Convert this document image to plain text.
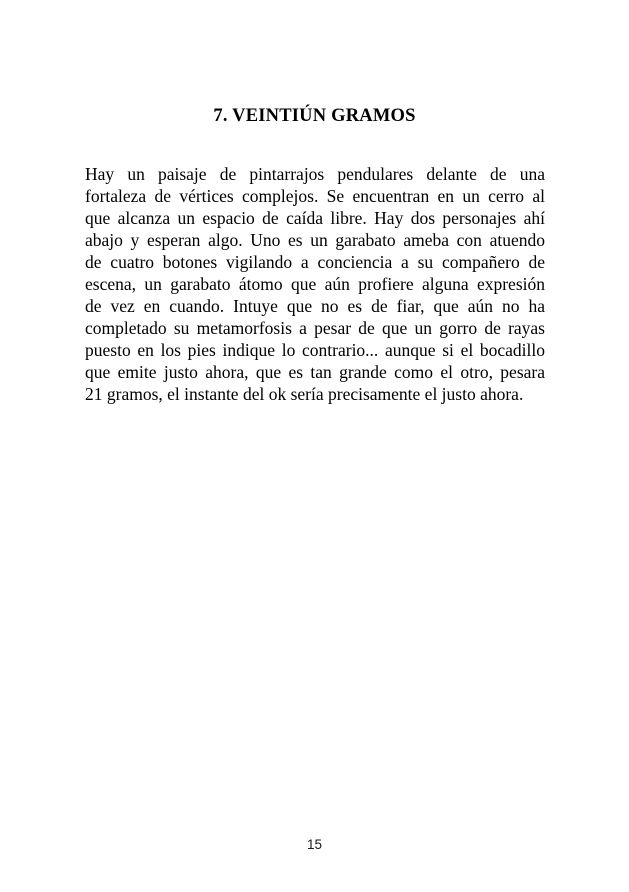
7. VEINTIÚN GRAMOS
Hay un paisaje de pintarrajos pendulares delante de una
fortaleza de vértices complejos. Se encuentran en un cerro al
que alcanza un espacio de caída libre. Hay dos personajes ahí
abajo y esperan algo. Uno es un garabato ameba con atuendo
de cuatro botones vigilando a conciencia a su compañero de
escena, un garabato átomo que aún profiere alguna expresión
de vez en cuando. Intuye que no es de fiar, que aún no ha
completado su metamorfosis a pesar de que un gorro de rayas
puesto en los pies indique lo contrario... aunque si el bocadillo
que emite justo ahora, que es tan grande como el otro, pesara
21 gramos, el instante del ok sería precisamente el justo ahora.
15
